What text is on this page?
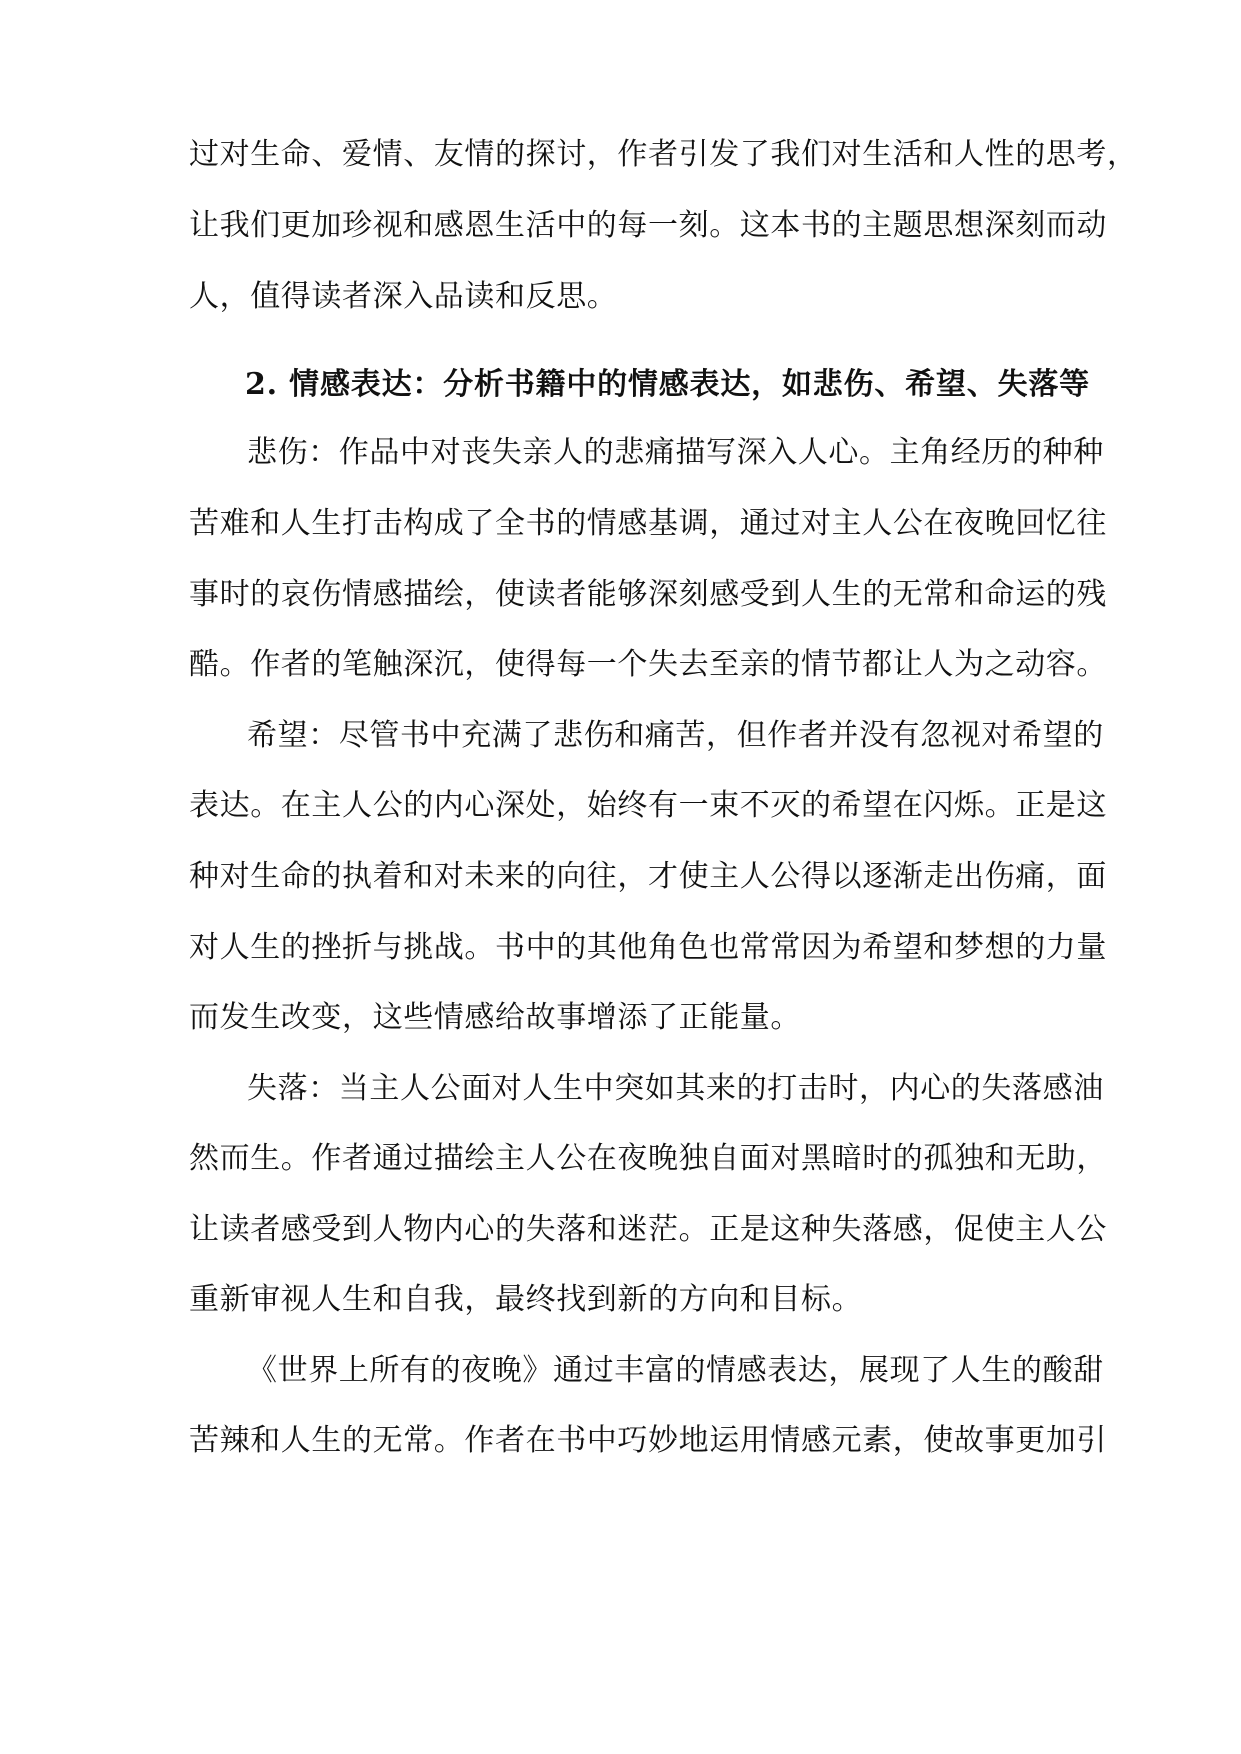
过对生命、爱情、友情的探讨，作者引发了我们对生活和人性的思考，
让我们更加珍视和感恩生活中的每一刻。这本书的主题思想深刻而动
人，值得读者深入品读和反思。
2. 情感表达：分析书籍中的情感表达，如悲伤、希望、失落等
悲伤：作品中对丧失亲人的悲痛描写深入人心。主角经历的种种
苦难和人生打击构成了全书的情感基调，通过对主人公在夜晚回忆往
事时的哀伤情感描绘，使读者能够深刻感受到人生的无常和命运的残
酷。作者的笔触深沉，使得每一个失去至亲的情节都让人为之动容。
希望：尽管书中充满了悲伤和痛苦，但作者并没有忽视对希望的
表达。在主人公的内心深处，始终有一束不灭的希望在闪烁。正是这
种对生命的执着和对未来的向往，才使主人公得以逐渐走出伤痛，面
对人生的挫折与挑战。书中的其他角色也常常因为希望和梦想的力量
而发生改变，这些情感给故事增添了正能量。
失落：当主人公面对人生中突如其来的打击时，内心的失落感油
然而生。作者通过描绘主人公在夜晚独自面对黑暗时的孤独和无助，
让读者感受到人物内心的失落和迷茫。正是这种失落感，促使主人公
重新审视人生和自我，最终找到新的方向和目标。
《世界上所有的夜晚》通过丰富的情感表达，展现了人生的酸甜
苦辣和人生的无常。作者在书中巧妙地运用情感元素，使故事更加引
